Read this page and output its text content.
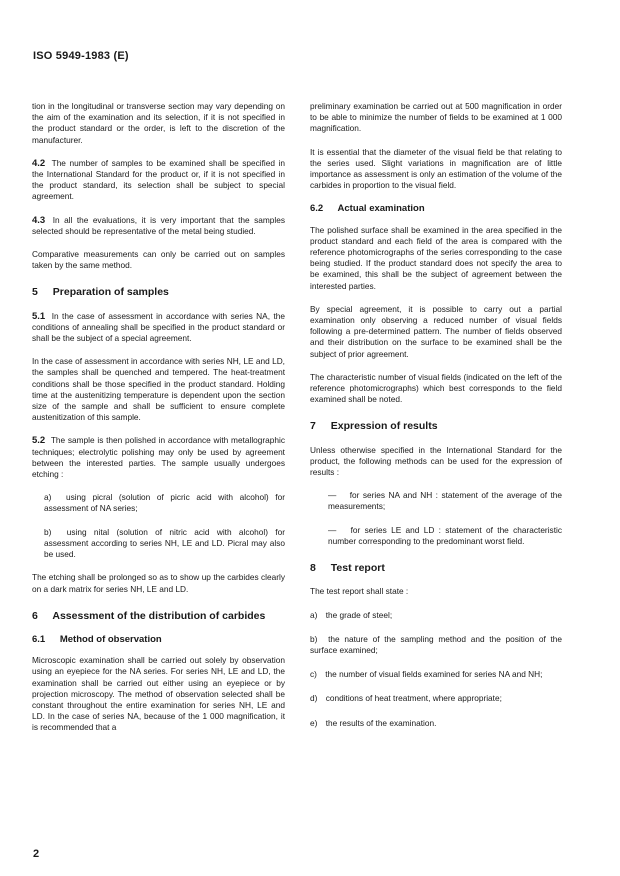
ISO 5949-1983 (E)

tion in the longitudinal or transverse section may vary depending on the aim of the examination and its selection, if it is not specified in the product standard or the order, is left to the discretion of the manufacturer.

4.2 The number of samples to be examined shall be specified in the International Standard for the product or, if it is not specified in the product standard, its selection shall be subject to special agreement.

4.3 In all the evaluations, it is very important that the samples selected should be representative of the metal being studied.

Comparative measurements can only be carried out on samples taken by the same method.

5 Preparation of samples

5.1 In the case of assessment in accordance with series NA, the conditions of annealing shall be specified in the product standard or shall be the subject of a special agreement.

In the case of assessment in accordance with series NH, LE and LD, the samples shall be quenched and tempered. The heat-treatment conditions shall be those specified in the product standard. Holding time at the austenitizing temperature is dependent upon the section size of the sample and shall be sufficient to ensure complete austenitization of this sample.

5.2 The sample is then polished in accordance with metallographic techniques; electrolytic polishing may only be used by agreement between the interested parties. The sample usually undergoes etching :

a) using picral (solution of picric acid with alcohol) for assessment of NA series;

b) using nital (solution of nitric acid with alcohol) for assessment according to series NH, LE and LD. Picral may also be used.

The etching shall be prolonged so as to show up the carbides clearly on a dark matrix for series NH, LE and LD.

6 Assessment of the distribution of carbides
6.1 Method of observation

Microscopic examination shall be carried out solely by observation using an eyepiece for the NA series. For series NH, LE and LD, the examination shall be carried out either using an eyepiece or by projection microscopy. The method of observation selected shall be constant throughout the entire examination for series NH, LE and LD. In the case of series NA, because of the 1 000 magnification, it is recommended that a

preliminary examination be carried out at 500 magnification in order to be able to minimize the number of fields to be examined at 1 000 magnification.

It is essential that the diameter of the visual field be that relating to the series used. Slight variations in magnification are of little importance as assessment is only an estimation of the volume of the carbides in proportion to the visual field.

6.2 Actual examination

The polished surface shall be examined in the area specified in the product standard and each field of the area is compared with the reference photomicrographs of the series corresponding to the case being studied. If the product standard does not specify the area to be examined, this shall be the subject of agreement between the interested parties.

By special agreement, it is possible to carry out a partial examination only observing a reduced number of visual fields following a pre-determined pattern. The number of fields observed and their distribution on the surface to be examined shall be the subject of prior agreement.

The characteristic number of visual fields (indicated on the left of the reference photomicrographs) which best corresponds to the field examined shall be noted.

7 Expression of results

Unless otherwise specified in the International Standard for the product, the following methods can be used for the expression of results :

— for series NA and NH : statement of the average of the measurements;

— for series LE and LD : statement of the characteristic number corresponding to the predominant worst field.

8 Test report

The test report shall state :

a) the grade of steel;

b) the nature of the sampling method and the position of the surface examined;

c) the number of visual fields examined for series NA and NH;

d) conditions of heat treatment, where appropriate;

e) the results of the examination.

2
